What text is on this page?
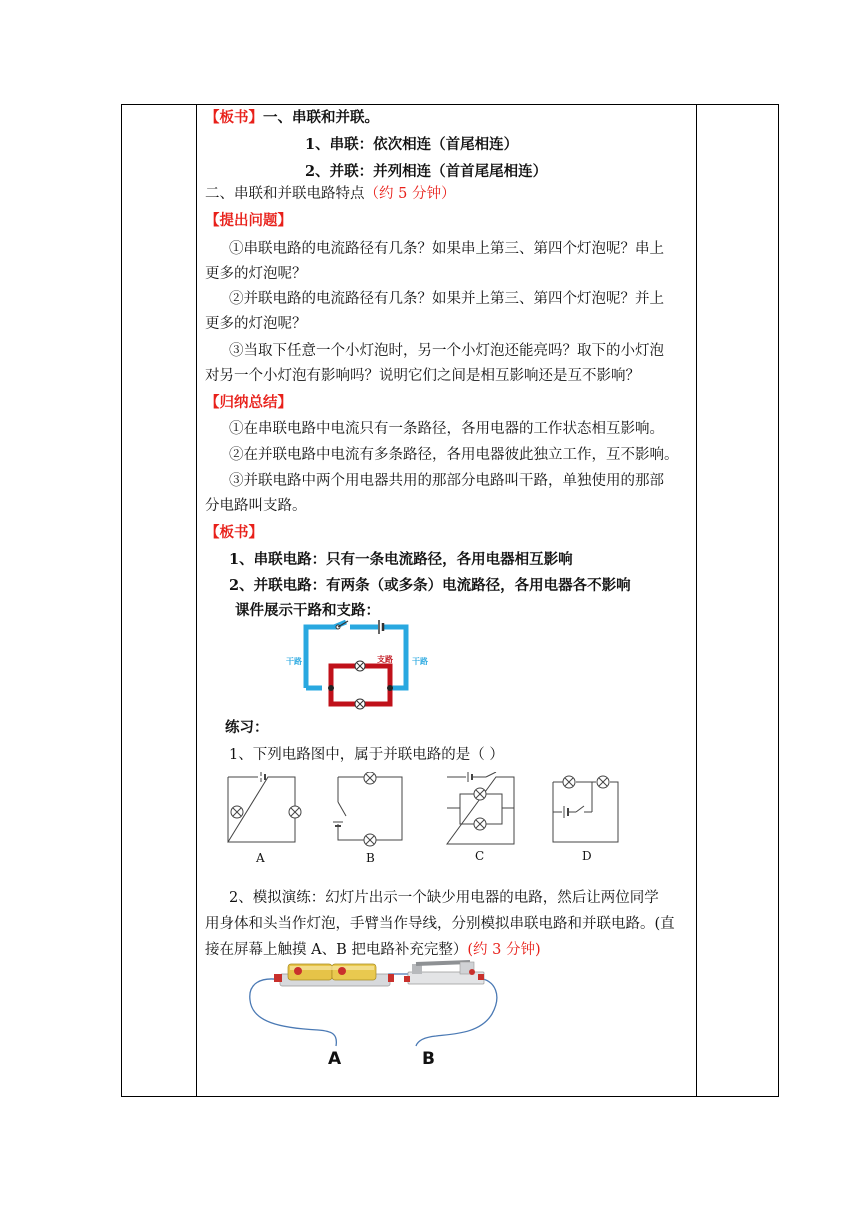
【板书】一、串联和并联。
1、串联：依次相连（首尾相连）
2、并联：并列相连（首首尾尾相连）
二、串联和并联电路特点（约 5 分钟）
【提出问题】
①串联电路的电流路径有几条？如果串上第三、第四个灯泡呢？串上
更多的灯泡呢？
②并联电路的电流路径有几条？如果并上第三、第四个灯泡呢？并上
更多的灯泡呢？
③当取下任意一个小灯泡时，另一个小灯泡还能亮吗？取下的小灯泡
对另一个小灯泡有影响吗？说明它们之间是相互影响还是互不影响？
【归纳总结】
①在串联电路中电流只有一条路径，各用电器的工作状态相互影响。
②在并联电路中电流有多条路径，各用电器彼此独立工作，互不影响。
③并联电路中两个用电器共用的那部分电路叫干路，单独使用的那部
分电路叫支路。
【板书】
1、串联电路：只有一条电流路径，各用电器相互影响
2、并联电路：有两条（或多条）电流路径，各用电器各不影响
课件展示干路和支路：
练习：
1、下列电路图中，属于并联电路的是（ ）
2、模拟演练：幻灯片出示一个缺少用电器的电路，然后让两位同学
用身体和头当作灯泡，手臂当作导线，分别模拟串联电路和并联电路。(直
接在屏幕上触摸 A、B 把电路补充完整）(约 3 分钟)
干路	支路 干路
A	B	C	D
A	B
